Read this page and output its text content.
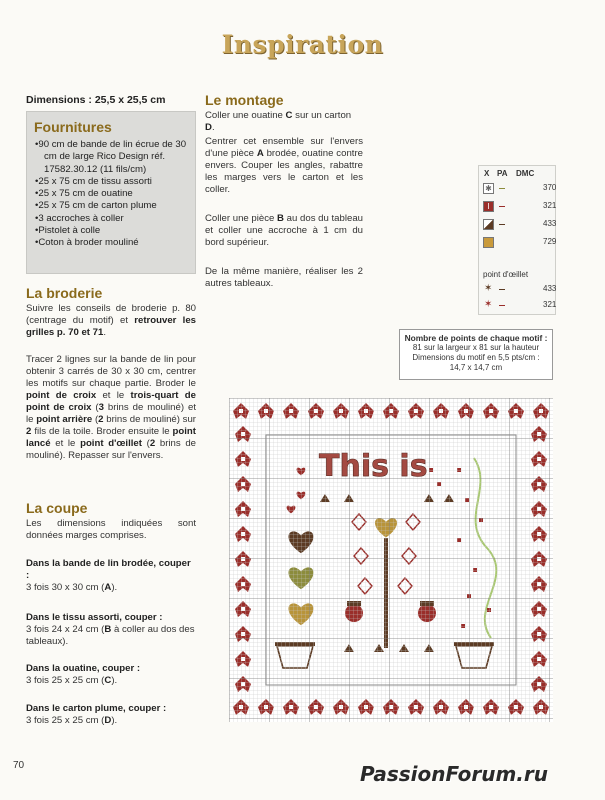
Inspiration
Dimensions : 25,5 x 25,5 cm
Fournitures
• 90 cm de bande de lin écrue de 30 cm de large Rico Design réf. 17582.30.12 (11 fils/cm)
• 25 x 75 cm de tissu assorti
• 25 x 75 cm de ouatine
• 25 x 75 cm de carton plume
• 3 accroches à coller
• Pistolet à colle
• Coton à broder mouliné
La broderie
Suivre les conseils de broderie p. 80 (centrage du motif) et retrouver les grilles p. 70 et 71.
Tracer 2 lignes sur la bande de lin pour obtenir 3 carrés de 30 x 30 cm, centrer les motifs sur chaque partie. Broder le point de croix et le trois-quart de point de croix (3 brins de mouliné) et le point arrière (2 brins de mouliné) sur 2 fils de la toile. Broder ensuite le point lancé et le point d'œillet (2 brins de mouliné). Repasser sur l'envers.
La coupe
Les dimensions indiquées sont données marges comprises.
Dans la bande de lin brodée, couper :
3 fois 30 x 30 cm (A).
Dans le tissu assorti, couper :
3 fois 24 x 24 cm (B à coller au dos des tableaux).
Dans la ouatine, couper :
3 fois 25 x 25 cm (C).
Dans le carton plume, couper :
3 fois 25 x 25 cm (D).
Le montage
Coller une ouatine C sur un carton D.
Centrer cet ensemble sur l'envers d'une pièce A brodée, ouatine contre envers. Couper les angles, rabattre les marges vers le carton et les coller.
Coller une pièce B au dos du tableau et coller une accroche à 1 cm du bord supérieur.
De la même manière, réaliser les 2 autres tableaux.
X PA DMC
✱	370
I	321
433
729
point d'œillet
✶	433
✶	321
Nombre de points de chaque motif :
81 sur la largeur x 81 sur la hauteur
Dimensions du motif en 5,5 pts/cm :
14,7 x 14,7 cm
This is
70	PassionForum.ru
